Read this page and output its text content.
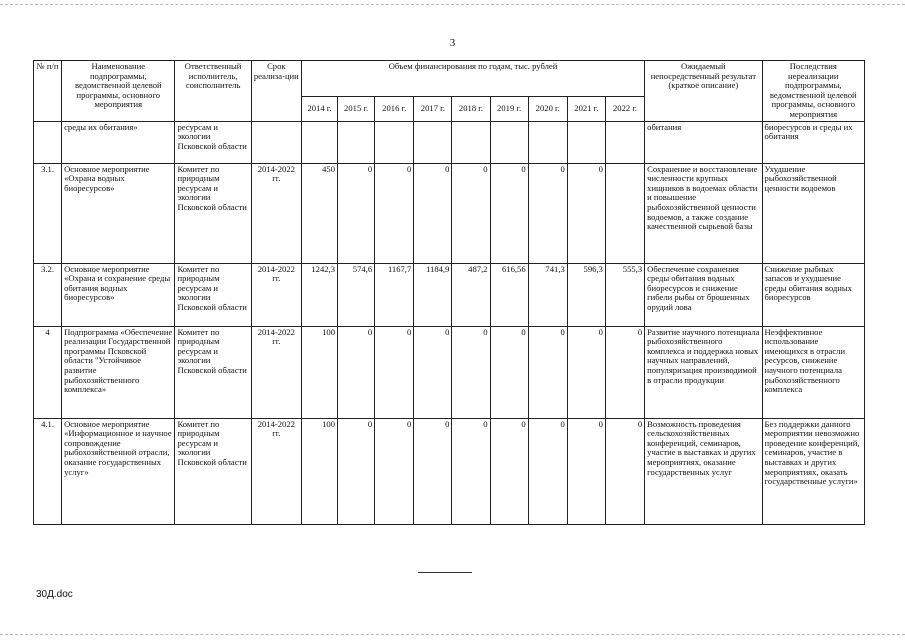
3
№ п/п	Наименование подпрограммы, ведомственной целевой программы, основного мероприятия	Ответственный исполнитель, соисполнитель	Срок реализа-ции	Объем финансирования по годам, тыс. рублей									Ожидаемый непосредственный результат (краткое описание)	Последствия нереализации подпрограммы, ведомственной целевой программы, основного мероприятия
				2014 г.	2015 г.	2016 г.	2017 г.	2018 г.	2019 г.	2020 г.	2021 г.	2022 г.		
	среды их обитания»	ресурсам и экологии Псковской области											обитания	биоресурсов и среды их обитания
3.1.	Основное мероприятие «Охрана водных биоресурсов»	Комитет по природным ресурсам и экологии Псковской области	2014-2022 гг.	450	0	0	0	0	0	0	0		Сохранение и восстановление численности крупных хищников в водоемах области и повышение рыбохозяйственной ценности водоемов, а также создание качественной сырьевой базы	Ухудшение рыбохозяйственной ценности водоемов
3.2.	Основное мероприятие «Охрана и сохранение среды обитания водных биоресурсов»	Комитет по природным ресурсам и экологии Псковской области	2014-2022 гг.	1242,3	574,6	1167,7	1184,9	487,2	616,56	741,3	596,3	555,3	Обеспечение сохранения среды обитания водных биоресурсов и снижение гибели рыбы от брошенных орудий лова	Снижение рыбных запасов и ухудшение среды обитания водных биоресурсов
4	Подпрограмма «Обеспечение реализации Государственной программы Псковской области "Устойчивое развитие рыбохозяйственного комплекса»	Комитет по природным ресурсам и экологии Псковской области	2014-2022 гг.	100	0	0	0	0	0	0	0	0	Развитие научного потенциала рыбохозяйственного комплекса и поддержка новых научных направлений, популяризация производимой в отрасли продукции	Неэффективное использование имеющихся в отрасли ресурсов, снижение научного потенциала рыбохозяйственного комплекса
4.1.	Основное мероприятие «Информационное и научное сопровождение рыбохозяйственной отрасли, оказание государственных услуг»	Комитет по природным ресурсам и экологии Псковской области	2014-2022 гг.	100	0	0	0	0	0	0	0	0	Возможность проведения сельскохозяйственных конференций, семинаров, участие в выставках и других мероприятиях, оказание государственных услуг	Без поддержки данного мероприятии невозможно проведение конференций, семинаров, участие в выставках и других мероприятиях, оказать государственные услуги»
30Д.doc
